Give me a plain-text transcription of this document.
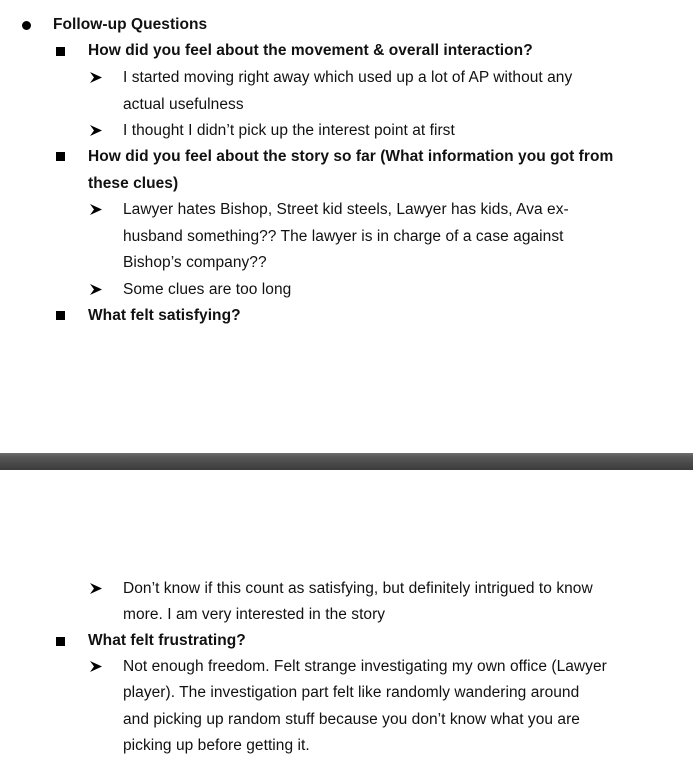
Follow-up Questions
How did you feel about the movement & overall interaction?
I started moving right away which used up a lot of AP without any
actual usefulness
I thought I didn’t pick up the interest point at first
How did you feel about the story so far (What information you got from
these clues)
Lawyer hates Bishop, Street kid steels, Lawyer has kids, Ava ex-
husband something?? The lawyer is in charge of a case against
Bishop’s company??
Some clues are too long
What felt satisfying?
Don’t know if this count as satisfying, but definitely intrigued to know
more. I am very interested in the story
What felt frustrating?
Not enough freedom. Felt strange investigating my own office (Lawyer
player). The investigation part felt like randomly wandering around
and picking up random stuff because you don’t know what you are
picking up before getting it.
